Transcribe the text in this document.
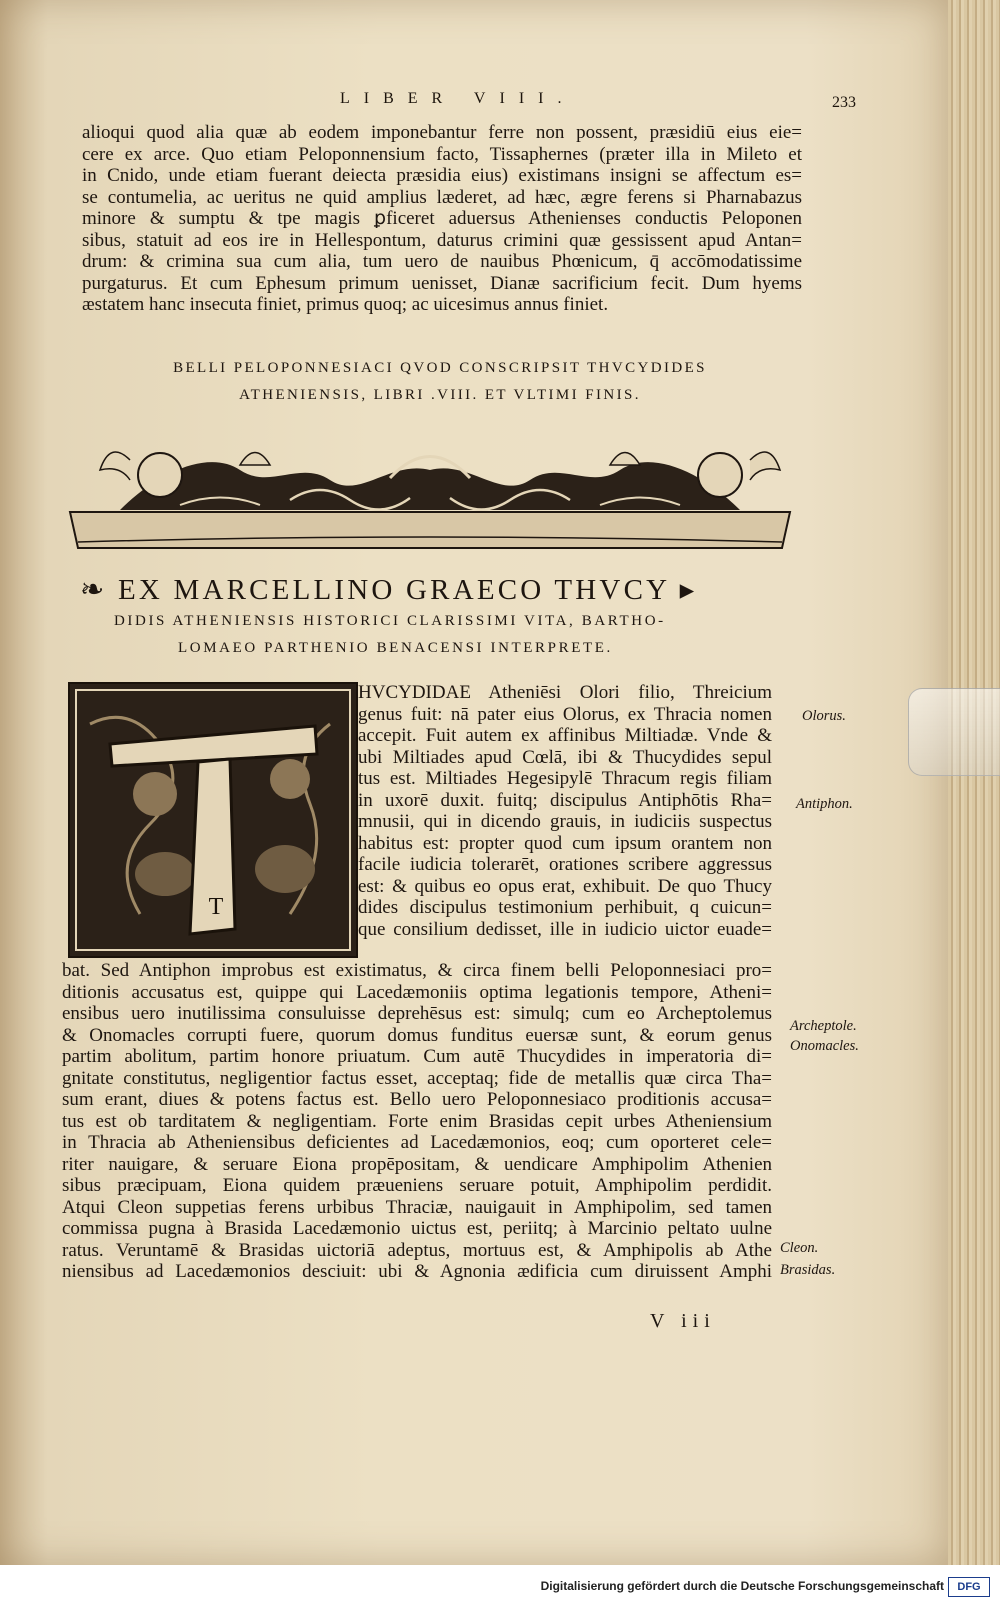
LIBER VIII.	233
alioqui quod alia quæ ab eodem imponebantur ferre non possent, præsidiū eius eie=
cere ex arce. Quo etiam Peloponnensium facto, Tissaphernes (præter illa in Mileto et
in Cnido, unde etiam fuerant deiecta præsidia eius) existimans insigni se affectum es=
se contumelia, ac ueritus ne quid amplius læderet, ad hæc, ægre ferens si Pharnabazus
minore & sumptu & tpe magis ꝑficeret aduersus Athenienses conductis Peloponen
sibus, statuit ad eos ire in Hellespontum, daturus crimini quæ gessissent apud Antan=
drum: & crimina sua cum alia, tum uero de nauibus Phœnicum, q̄ accōmodatissime
purgaturus. Et cum Ephesum primum uenisset, Dianæ sacrificium fecit. Dum hyems
æstatem hanc insecuta finiet, primus quoq; ac uicesimus annus finiet.
BELLI PELOPONNESIACI QVOD CONSCRIPSIT THVCYDIDES
ATHENIENSIS, LIBRI .VIII. ET VLTIMI FINIS.
❧ EX MARCELLINO GRAECO THVCY ▸
DIDIS ATHENIENSIS HISTORICI CLARISSIMI VITA, BARTHO-
LOMAEO PARTHENIO BENACENSI INTERPRETE.
T
HVCYDIDAE Atheniēsi Olori filio, Threicium
genus fuit: nā pater eius Olorus, ex Thracia nomen
accepit. Fuit autem ex affinibus Miltiadæ. Vnde &
ubi Miltiades apud Cœlā, ibi & Thucydides sepul
tus est. Miltiades Hegesipylē Thracum regis filiam
in uxorē duxit. fuitq; discipulus Antiphōtis Rha=
mnusii, qui in dicendo grauis, in iudiciis suspectus
habitus est: propter quod cum ipsum orantem non
facile iudicia tolerarēt, orationes scribere aggressus
est: & quibus eo opus erat, exhibuit. De quo Thucy
dides discipulus testimonium perhibuit, q cuicun=
que consilium dedisset, ille in iudicio uictor euade=
bat. Sed Antiphon improbus est existimatus, & circa finem belli Peloponnesiaci pro=
ditionis accusatus est, quippe qui Lacedæmoniis optima legationis tempore, Atheni=
ensibus uero inutilissima consuluisse deprehēsus est: simulq; cum eo Archeptolemus
& Onomacles corrupti fuere, quorum domus funditus euersæ sunt, & eorum genus
partim abolitum, partim honore priuatum. Cum autē Thucydides in imperatoria di=
gnitate constitutus, negligentior factus esset, acceptaq; fide de metallis quæ circa Tha=
sum erant, diues & potens factus est. Bello uero Peloponnesiaco proditionis accusa=
tus est ob tarditatem & negligentiam. Forte enim Brasidas cepit urbes Atheniensium
in Thracia ab Atheniensibus deficientes ad Lacedæmonios, eoq; cum oporteret cele=
riter nauigare, & seruare Eiona propēpositam, & uendicare Amphipolim Athenien
sibus præcipuam, Eiona quidem præueniens seruare potuit, Amphipolim perdidit.
Atqui Cleon suppetias ferens urbibus Thraciæ, nauigauit in Amphipolim, sed tamen
commissa pugna à Brasida Lacedæmonio uictus est, periitq; à Marcinio peltato uulne
ratus. Veruntamē & Brasidas uictoriā adeptus, mortuus est, & Amphipolis ab Athe
niensibus ad Lacedæmonios desciuit: ubi & Agnonia ædificia cum diruissent Amphi
Olorus.
Antiphon.
Archeptole.
Onomacles.
Cleon.
Brasidas.
V iii
Digitalisierung gefördert durch die Deutsche Forschungsgemeinschaft	DFG
